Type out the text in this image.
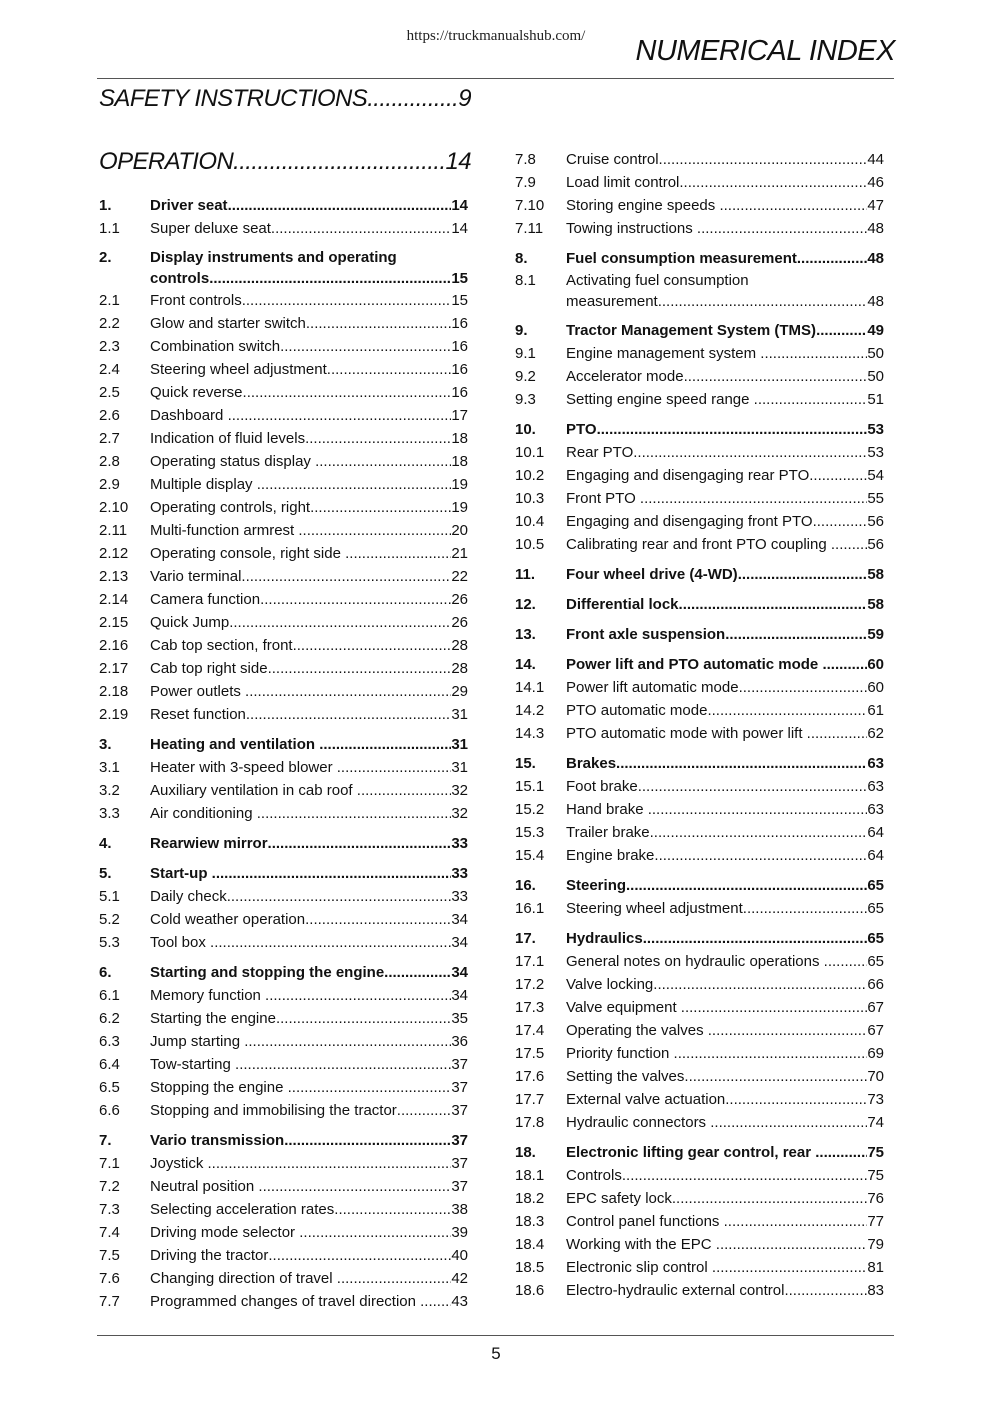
https://truckmanualshub.com/	NUMERICAL INDEX
SAFETY INSTRUCTIONS .....	9
OPERATION .....	14
1.	Driver seat .....	14
1.1	Super deluxe seat .....	14
2.	Display instruments and operating
controls .....	15
2.1	Front controls .....	15
2.2	Glow and starter switch .....	16
2.3	Combination switch .....	16
2.4	Steering wheel adjustment .....	16
2.5	Quick reverse .....	16
2.6	Dashboard .....	17
2.7	Indication of fluid levels .....	18
2.8	Operating status display .....	18
2.9	Multiple display .....	19
2.10	Operating controls, right .....	19
2.11	Multi-function armrest .....	20
2.12	Operating console, right side .....	21
2.13	Vario terminal .....	22
2.14	Camera function .....	26
2.15	Quick Jump .....	26
2.16	Cab top section, front .....	28
2.17	Cab top right side .....	28
2.18	Power outlets .....	29
2.19	Reset function .....	31
3.	Heating and ventilation .....	31
3.1	Heater with 3-speed blower .....	31
3.2	Auxiliary ventilation in cab roof .....	32
3.3	Air conditioning .....	32
4.	Rearwiew mirror .....	33
5.	Start-up .....	33
5.1	Daily check .....	33
5.2	Cold weather operation .....	34
5.3	Tool box .....	34
6.	Starting and stopping the engine .....	34
6.1	Memory function .....	34
6.2	Starting the engine .....	35
6.3	Jump starting .....	36
6.4	Tow-starting .....	37
6.5	Stopping the engine .....	37
6.6	Stopping and immobilising the tractor .....	37
7.	Vario transmission .....	37
7.1	Joystick .....	37
7.2	Neutral position .....	37
7.3	Selecting acceleration rates .....	38
7.4	Driving mode selector .....	39
7.5	Driving the tractor .....	40
7.6	Changing direction of travel .....	42
7.7	Programmed changes of travel direction ..... 43
7.8	Cruise control .....	44
7.9	Load limit control .....	46
7.10	Storing engine speeds .....	47
7.11	Towing instructions .....	48
8.	Fuel consumption measurement .....	48
8.1	Activating fuel consumption
measurement .....	48
9.	Tractor Management System (TMS) .....	49
9.1	Engine management system .....	50
9.2	Accelerator mode .....	50
9.3	Setting engine speed range .....	51
10.	PTO .....	53
10.1	Rear PTO .....	53
10.2	Engaging and disengaging rear PTO .....	54
10.3	Front PTO .....	55
10.4	Engaging and disengaging front PTO .....	56
10.5	Calibrating rear and front PTO coupling ..... 56
11.	Four wheel drive (4-WD) .....	58
12.	Differential lock .....	58
13.	Front axle suspension .....	59
14.	Power lift and PTO automatic mode .....	60
14.1	Power lift automatic mode .....	60
14.2	PTO automatic mode .....	61
14.3	PTO automatic mode with power lift .....	62
15.	Brakes .....	63
15.1	Foot brake .....	63
15.2	Hand brake .....	63
15.3	Trailer brake .....	64
15.4	Engine brake .....	64
16.	Steering .....	65
16.1	Steering wheel adjustment .....	65
17.	Hydraulics .....	65
17.1	General notes on hydraulic operations .....	65
17.2	Valve locking .....	66
17.3	Valve equipment .....	67
17.4	Operating the valves .....	67
17.5	Priority function .....	69
17.6	Setting the valves .....	70
17.7	External valve actuation .....	73
17.8	Hydraulic connectors .....	74
18.	Electronic lifting gear control, rear .....	75
18.1	Controls .....	75
18.2	EPC safety lock .....	76
18.3	Control panel functions .....	77
18.4	Working with the EPC .....	79
18.5	Electronic slip control .....	81
18.6	Electro-hydraulic external control .....	83
5
